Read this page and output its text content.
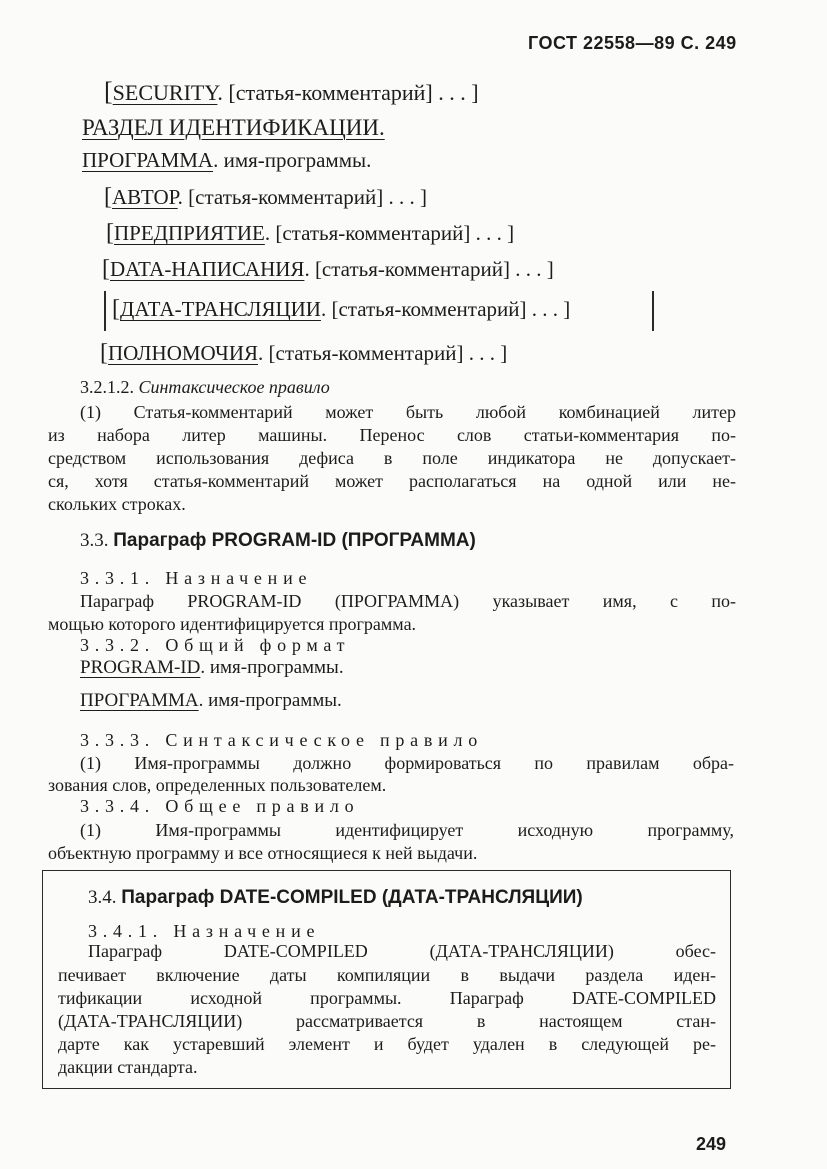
ГОСТ 22558—89 С. 249
[SECURITY. [статья-комментарий] . . . ]
РАЗДЕЛ ИДЕНТИФИКАЦИИ.
ПРОГРАММА. имя-программы.
[АВТОР. [статья-комментарий] . . . ]
[ПРЕДПРИЯТИЕ. [статья-комментарий] . . . ]
[DATA-НАПИСАНИЯ. [статья-комментарий] . . . ]
[ДАТА-ТРАНСЛЯЦИИ. [статья-комментарий] . . . ]
[ПОЛНОМОЧИЯ. [статья-комментарий] . . . ]
3.2.1.2. Синтаксическое правило
(1) Статья-комментарий может быть любой комбинацией литер
из набора литер машины. Перенос слов статьи-комментария по-
средством использования дефиса в поле индикатора не допускает-
ся, хотя статья-комментарий может располагаться на одной или не-
скольких строках.
3.3. Параграф PROGRAM-ID (ПРОГРАММА)
3.3.1. Назначение
Параграф PROGRAM-ID (ПРОГРАММА) указывает имя, с по-
мощью которого идентифицируется программа.
3.3.2. Общий формат
PROGRAM-ID. имя-программы.
ПРОГРАММА. имя-программы.
3.3.3. Синтаксическое правило
(1) Имя-программы должно формироваться по правилам обра-
зования слов, определенных пользователем.
3.3.4. Общее правило
(1) Имя-программы идентифицирует исходную программу,
объектную программу и все относящиеся к ней выдачи.
3.4. Параграф DATE-COMPILED (ДАТА-ТРАНСЛЯЦИИ)
3.4.1. Назначение
Параграф DATE-COMPILED (ДАТА-ТРАНСЛЯЦИИ) обес-
печивает включение даты компиляции в выдачи раздела иден-
тификации исходной программы. Параграф DATE-COMPILED
(ДАТА-ТРАНСЛЯЦИИ) рассматривается в настоящем стан-
дарте как устаревший элемент и будет удален в следующей ре-
дакции стандарта.
249
